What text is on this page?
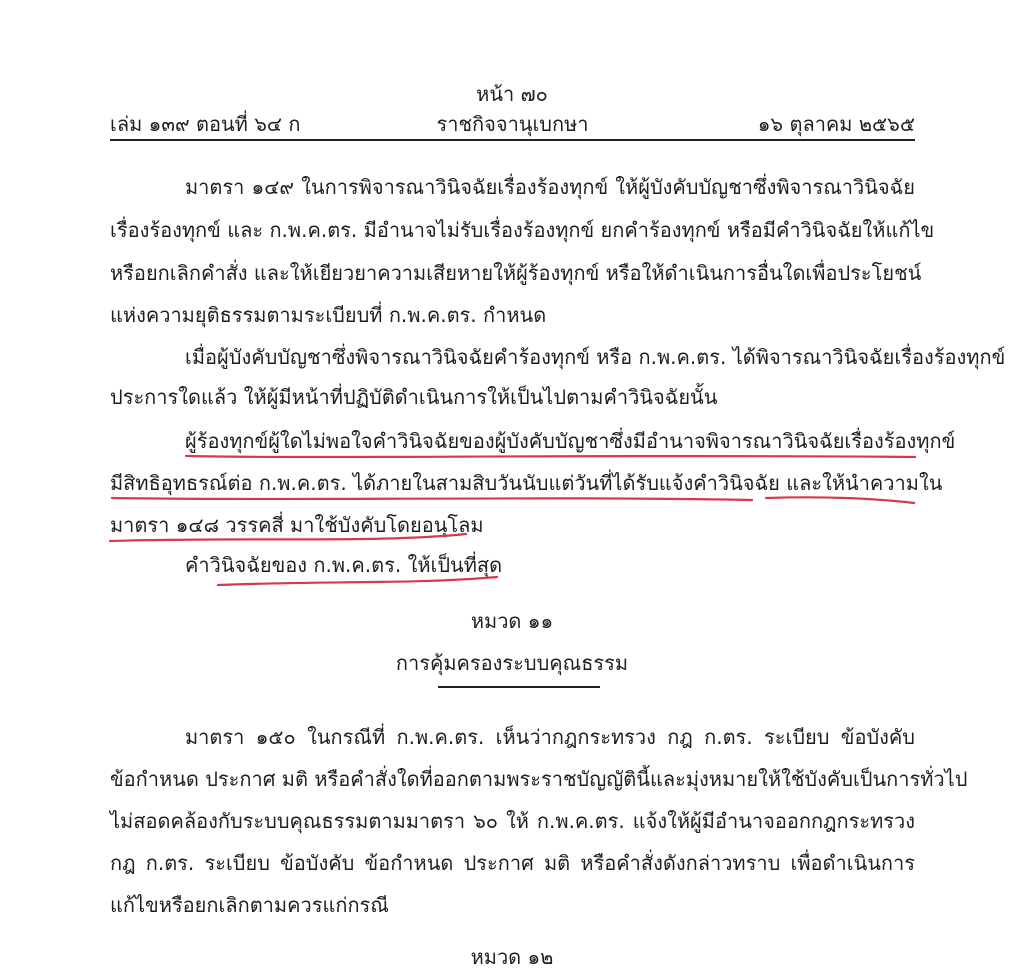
หน้า ๗๐
เล่ม ๑๓๙ ตอนที่ ๖๔ ก	ราชกิจจานุเบกษา	๑๖ ตุลาคม ๒๕๖๕
มาตรา ๑๔๙ ในการพิจารณาวินิจฉัยเรื่องร้องทุกข์ ให้ผู้บังคับบัญชาซึ่งพิจารณาวินิจฉัย
เรื่องร้องทุกข์ และ ก.พ.ค.ตร. มีอำนาจไม่รับเรื่องร้องทุกข์ ยกคำร้องทุกข์ หรือมีคำวินิจฉัยให้แก้ไข
หรือยกเลิกคำสั่ง และให้เยียวยาความเสียหายให้ผู้ร้องทุกข์ หรือให้ดำเนินการอื่นใดเพื่อประโยชน์
แห่งความยุติธรรมตามระเบียบที่ ก.พ.ค.ตร. กำหนด
เมื่อผู้บังคับบัญชาซึ่งพิจารณาวินิจฉัยคำร้องทุกข์ หรือ ก.พ.ค.ตร. ได้พิจารณาวินิจฉัยเรื่องร้องทุกข์
ประการใดแล้ว ให้ผู้มีหน้าที่ปฏิบัติดำเนินการให้เป็นไปตามคำวินิจฉัยนั้น
ผู้ร้องทุกข์ผู้ใดไม่พอใจคำวินิจฉัยของผู้บังคับบัญชาซึ่งมีอำนาจพิจารณาวินิจฉัยเรื่องร้องทุกข์
มีสิทธิอุทธรณ์ต่อ ก.พ.ค.ตร. ได้ภายในสามสิบวันนับแต่วันที่ได้รับแจ้งคำวินิจฉัย และให้นำความใน
มาตรา ๑๔๘ วรรคสี่ มาใช้บังคับโดยอนุโลม
คำวินิจฉัยของ ก.พ.ค.ตร. ให้เป็นที่สุด
หมวด ๑๑
การคุ้มครองระบบคุณธรรม
มาตรา ๑๕๐ ในกรณีที่ ก.พ.ค.ตร. เห็นว่ากฎกระทรวง กฎ ก.ตร. ระเบียบ ข้อบังคับ
ข้อกำหนด ประกาศ มติ หรือคำสั่งใดที่ออกตามพระราชบัญญัตินี้และมุ่งหมายให้ใช้บังคับเป็นการทั่วไป
ไม่สอดคล้องกับระบบคุณธรรมตามมาตรา ๖๐ ให้ ก.พ.ค.ตร. แจ้งให้ผู้มีอำนาจออกกฎกระทรวง
กฎ ก.ตร. ระเบียบ ข้อบังคับ ข้อกำหนด ประกาศ มติ หรือคำสั่งดังกล่าวทราบ เพื่อดำเนินการ
แก้ไขหรือยกเลิกตามควรแก่กรณี
หมวด ๑๒
